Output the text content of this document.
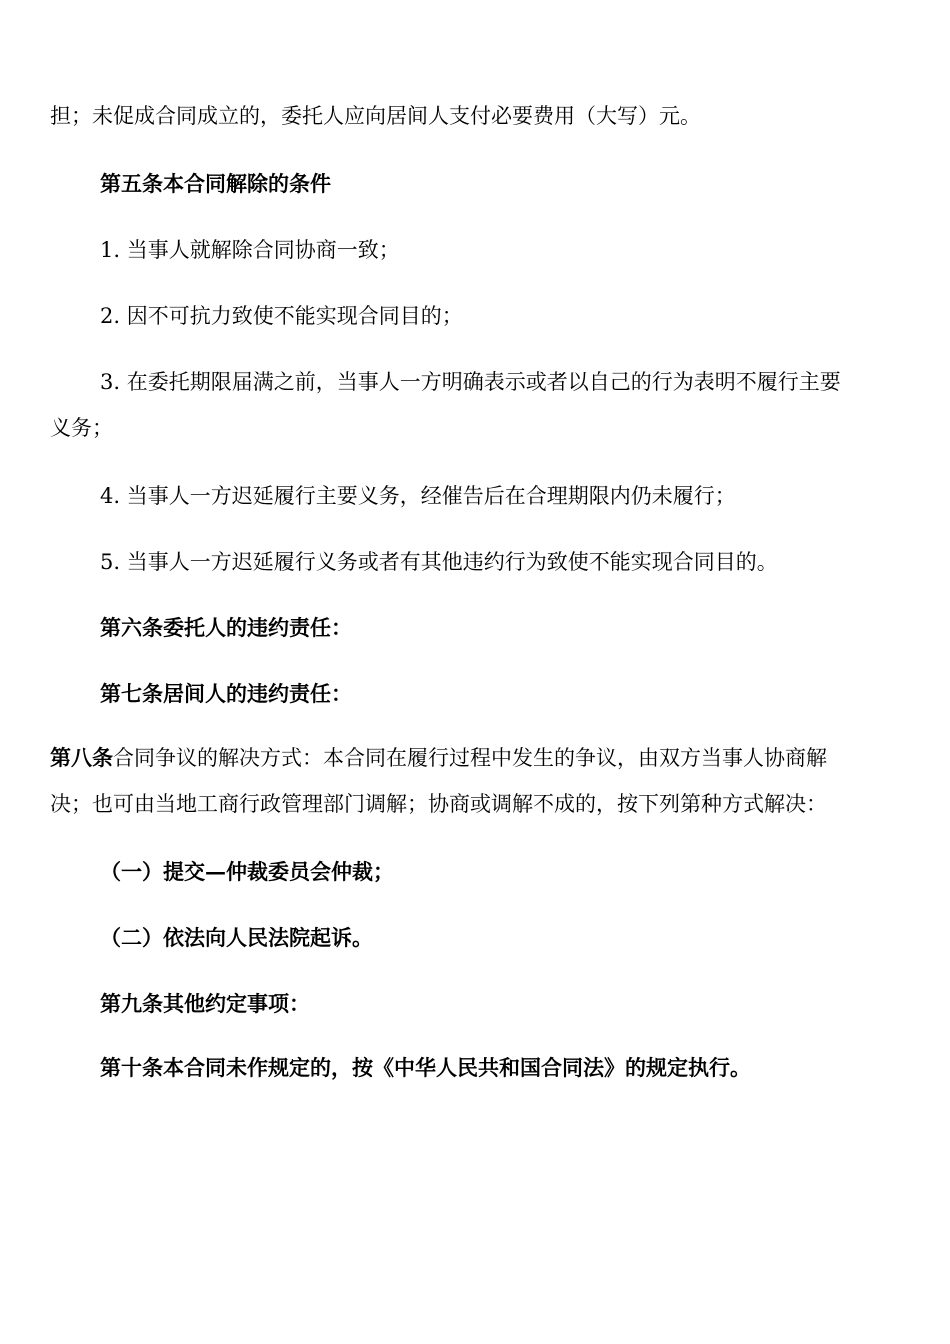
担；未促成合同成立的，委托人应向居间人支付必要费用（大写）元。
第五条本合同解除的条件
1. 当事人就解除合同协商一致；
2. 因不可抗力致使不能实现合同目的；
3. 在委托期限届满之前，当事人一方明确表示或者以自己的行为表明不履行主要
义务；
4. 当事人一方迟延履行主要义务，经催告后在合理期限内仍未履行；
5. 当事人一方迟延履行义务或者有其他违约行为致使不能实现合同目的。
第六条委托人的违约责任：
第七条居间人的违约责任：
第八条合同争议的解决方式：本合同在履行过程中发生的争议，由双方当事人协商解
决；也可由当地工商行政管理部门调解；协商或调解不成的，按下列第种方式解决：
（一）提交—仲裁委员会仲裁；
（二）依法向人民法院起诉。
第九条其他约定事项：
第十条本合同未作规定的，按《中华人民共和国合同法》的规定执行。
